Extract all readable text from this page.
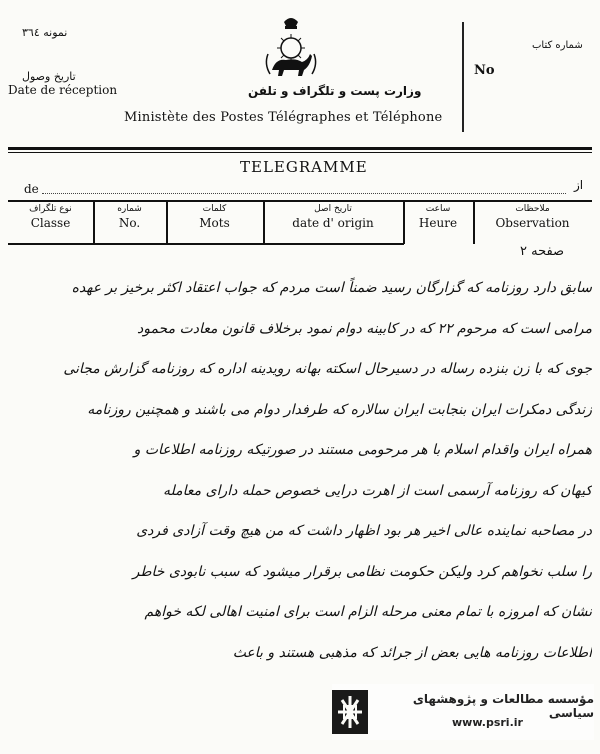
نمونه ۳٦٤
تاریخ وصول
Date de réception
شماره کتاب
No
وزارت پست و تلگراف و تلفن
Ministète des Postes Télégraphes et Téléphone
TELEGRAMME
de	از
نوع تلگراف
Classe
شماره
No.
کلمات
Mots
تاریخ اصل
date d' origin
ساعت
Heure
ملاحظات
Observation
صفحه ۲
سابق دارد روزنامه که گزارگان رسید ضمناً است مردم که جواب اعتقاد اکثر برخیز بر عهده
مرامی است که مرحوم ۲۲ که در کابینه دوام نمود برخلاف قانون معادت محمود
جوی که با زن بنزده رساله در دسیرحال اسکته بهانه رویدینه اداره که روزنامه گزارش مجانی
زندگی دمکرات ایران بنجابت ایران سالاره که طرفدار دوام می باشند و همچنین روزنامه
همراه ایران واقدام اسلام با هر مرحومی مستند در صورتیکه روزنامه اطلاعات و
کیهان که روزنامه آرسمی است از اهرت درایی خصوص حمله دارای معامله
در مصاحبه نماینده عالی اخیر هر بود اظهار داشت که من هیچ وقت آزادی فردی
را سلب نخواهم کرد ولیکن حکومت نظامی برقرار میشود که سبب نابودی خاطر
نشان که امروزه با تمام معنی مرحله الزام است برای امنیت اهالی لکه خواهم
اطلاعات روزنامه هایی بعض از جرائد که مذهبی هستند و باعث
مؤسسه مطالعات و پژوهشهای سیاسی
www.psri.ir
